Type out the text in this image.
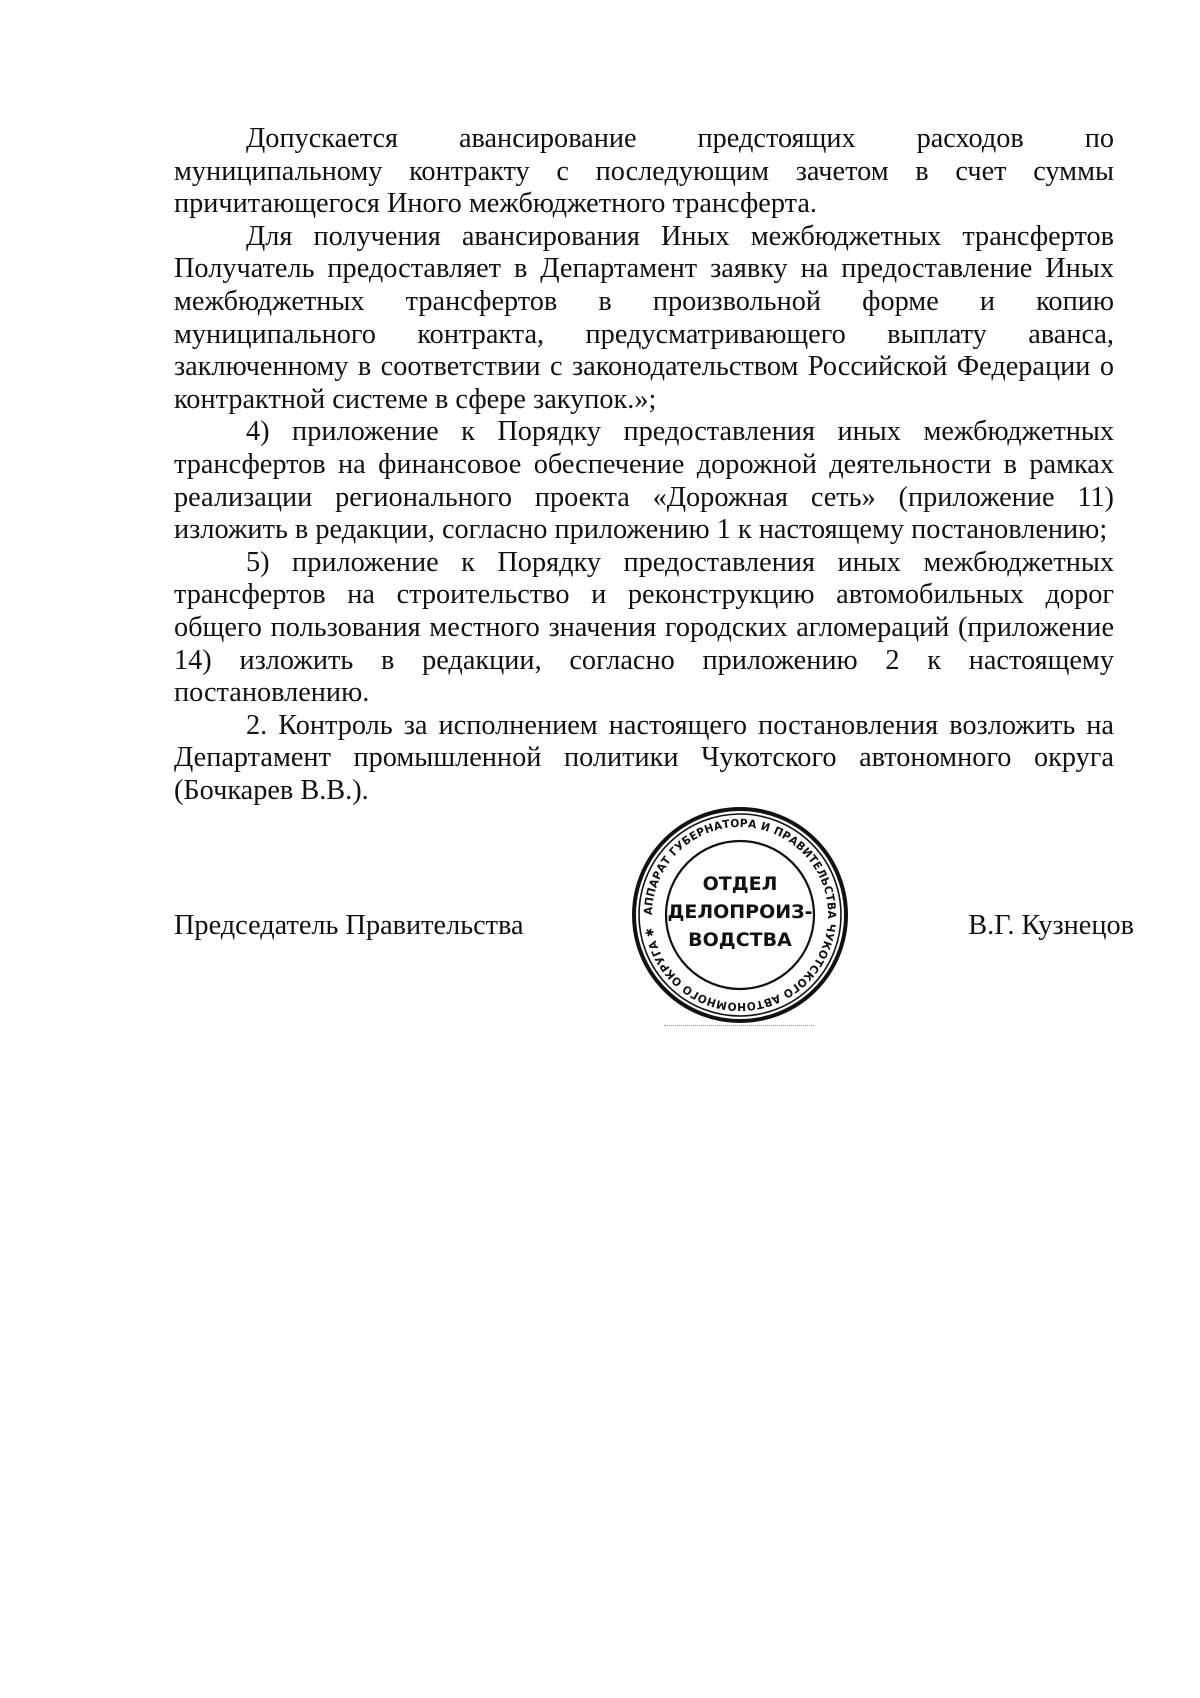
Допускается авансирование предстоящих расходов по муниципальному контракту с последующим зачетом в счет суммы причитающегося Иного межбюджетного трансферта.

Для получения авансирования Иных межбюджетных трансфертов Получатель предоставляет в Департамент заявку на предоставление Иных межбюджетных трансфертов в произвольной форме и копию муниципального контракта, предусматривающего выплату аванса, заключенному в соответствии с законодательством Российской Федерации о контрактной системе в сфере закупок.»;

4) приложение к Порядку предоставления иных межбюджетных трансфертов на финансовое обеспечение дорожной деятельности в рамках реализации регионального проекта «Дорожная сеть» (приложение 11) изложить в редакции, согласно приложению 1 к настоящему постановлению;

5) приложение к Порядку предоставления иных межбюджетных трансфертов на строительство и реконструкцию автомобильных дорог общего пользования местного значения городских агломераций (приложение 14) изложить в редакции, согласно приложению 2 к настоящему постановлению.

2. Контроль за исполнением настоящего постановления возложить на Департамент промышленной политики Чукотского автономного округа (Бочкарев В.В.).

Председатель Правительства	В.Г. Кузнецов
АППАРАТ ГУБЕРНАТОРА И ПРАВИТЕЛЬСТВА ЧУКОТСКОГО АВТОНОМНОГО ОКРУГА ✱
ОТДЕЛ
ДЕЛОПРОИЗ-
ВОДСТВА
